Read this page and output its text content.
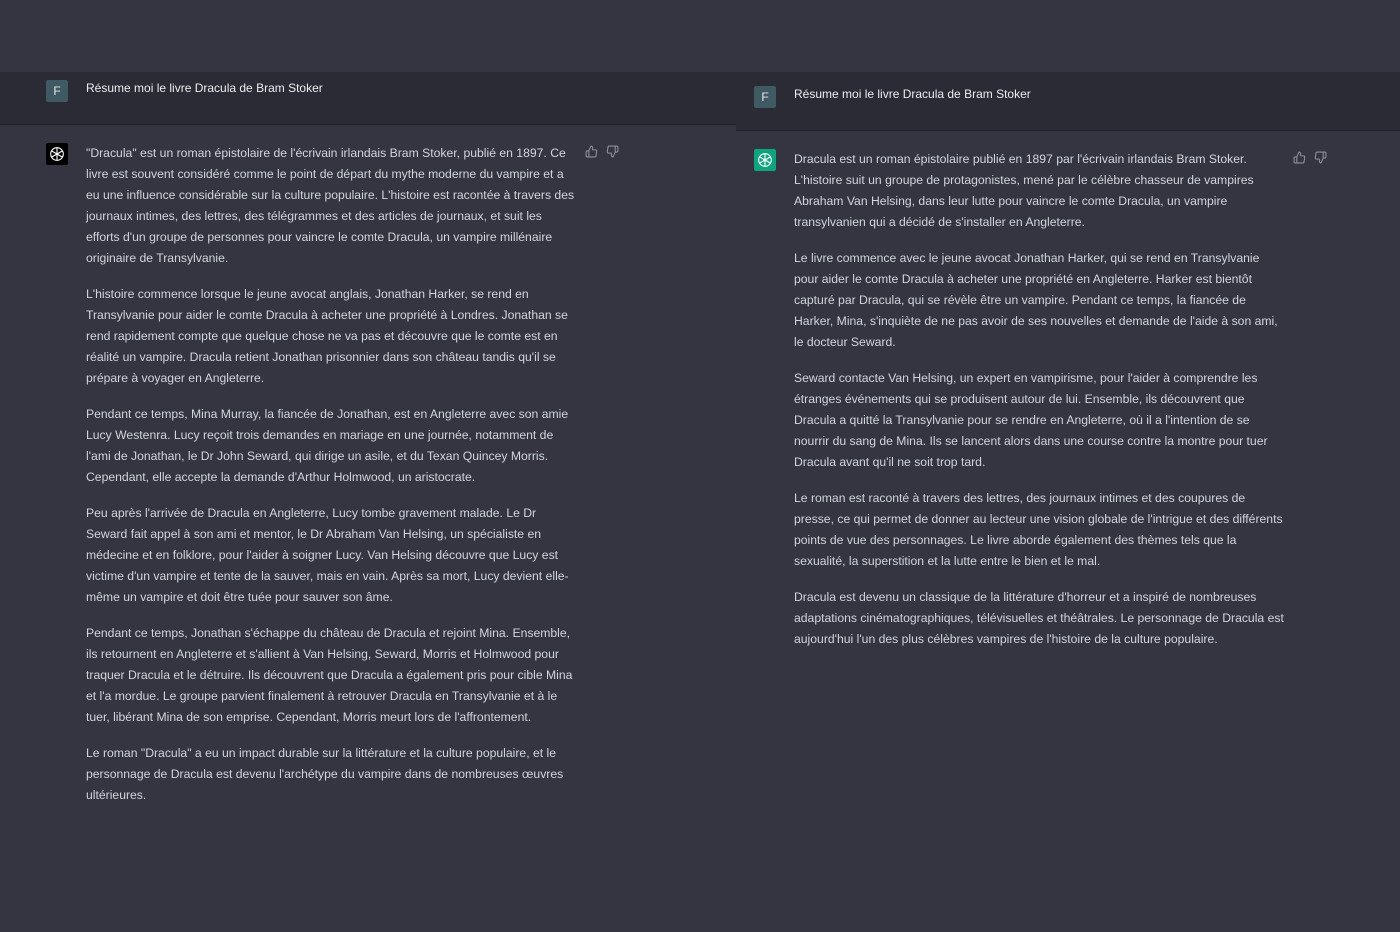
F	Résume moi le livre Dracula de Bram Stoker

"Dracula" est un roman épistolaire de l'écrivain irlandais Bram Stoker, publié en 1897. Ce livre est souvent considéré comme le point de départ du mythe moderne du vampire et a eu une influence considérable sur la culture populaire. L'histoire est racontée à travers des journaux intimes, des lettres, des télégrammes et des articles de journaux, et suit les efforts d'un groupe de personnes pour vaincre le comte Dracula, un vampire millénaire originaire de Transylvanie.

L'histoire commence lorsque le jeune avocat anglais, Jonathan Harker, se rend en Transylvanie pour aider le comte Dracula à acheter une propriété à Londres. Jonathan se rend rapidement compte que quelque chose ne va pas et découvre que le comte est en réalité un vampire. Dracula retient Jonathan prisonnier dans son château tandis qu'il se prépare à voyager en Angleterre.

Pendant ce temps, Mina Murray, la fiancée de Jonathan, est en Angleterre avec son amie Lucy Westenra. Lucy reçoit trois demandes en mariage en une journée, notamment de l'ami de Jonathan, le Dr John Seward, qui dirige un asile, et du Texan Quincey Morris. Cependant, elle accepte la demande d'Arthur Holmwood, un aristocrate.

Peu après l'arrivée de Dracula en Angleterre, Lucy tombe gravement malade. Le Dr Seward fait appel à son ami et mentor, le Dr Abraham Van Helsing, un spécialiste en médecine et en folklore, pour l'aider à soigner Lucy. Van Helsing découvre que Lucy est victime d'un vampire et tente de la sauver, mais en vain. Après sa mort, Lucy devient elle-même un vampire et doit être tuée pour sauver son âme.

Pendant ce temps, Jonathan s'échappe du château de Dracula et rejoint Mina. Ensemble, ils retournent en Angleterre et s'allient à Van Helsing, Seward, Morris et Holmwood pour traquer Dracula et le détruire. Ils découvrent que Dracula a également pris pour cible Mina et l'a mordue. Le groupe parvient finalement à retrouver Dracula en Transylvanie et à le tuer, libérant Mina de son emprise. Cependant, Morris meurt lors de l'affrontement.

Le roman "Dracula" a eu un impact durable sur la littérature et la culture populaire, et le personnage de Dracula est devenu l'archétype du vampire dans de nombreuses œuvres ultérieures.

F	Résume moi le livre Dracula de Bram Stoker

Dracula est un roman épistolaire publié en 1897 par l'écrivain irlandais Bram Stoker. L'histoire suit un groupe de protagonistes, mené par le célèbre chasseur de vampires Abraham Van Helsing, dans leur lutte pour vaincre le comte Dracula, un vampire transylvanien qui a décidé de s'installer en Angleterre.

Le livre commence avec le jeune avocat Jonathan Harker, qui se rend en Transylvanie pour aider le comte Dracula à acheter une propriété en Angleterre. Harker est bientôt capturé par Dracula, qui se révèle être un vampire. Pendant ce temps, la fiancée de Harker, Mina, s'inquiète de ne pas avoir de ses nouvelles et demande de l'aide à son ami, le docteur Seward.

Seward contacte Van Helsing, un expert en vampirisme, pour l'aider à comprendre les étranges événements qui se produisent autour de lui. Ensemble, ils découvrent que Dracula a quitté la Transylvanie pour se rendre en Angleterre, où il a l'intention de se nourrir du sang de Mina. Ils se lancent alors dans une course contre la montre pour tuer Dracula avant qu'il ne soit trop tard.

Le roman est raconté à travers des lettres, des journaux intimes et des coupures de presse, ce qui permet de donner au lecteur une vision globale de l'intrigue et des différents points de vue des personnages. Le livre aborde également des thèmes tels que la sexualité, la superstition et la lutte entre le bien et le mal.

Dracula est devenu un classique de la littérature d'horreur et a inspiré de nombreuses adaptations cinématographiques, télévisuelles et théâtrales. Le personnage de Dracula est aujourd'hui l'un des plus célèbres vampires de l'histoire de la culture populaire.
